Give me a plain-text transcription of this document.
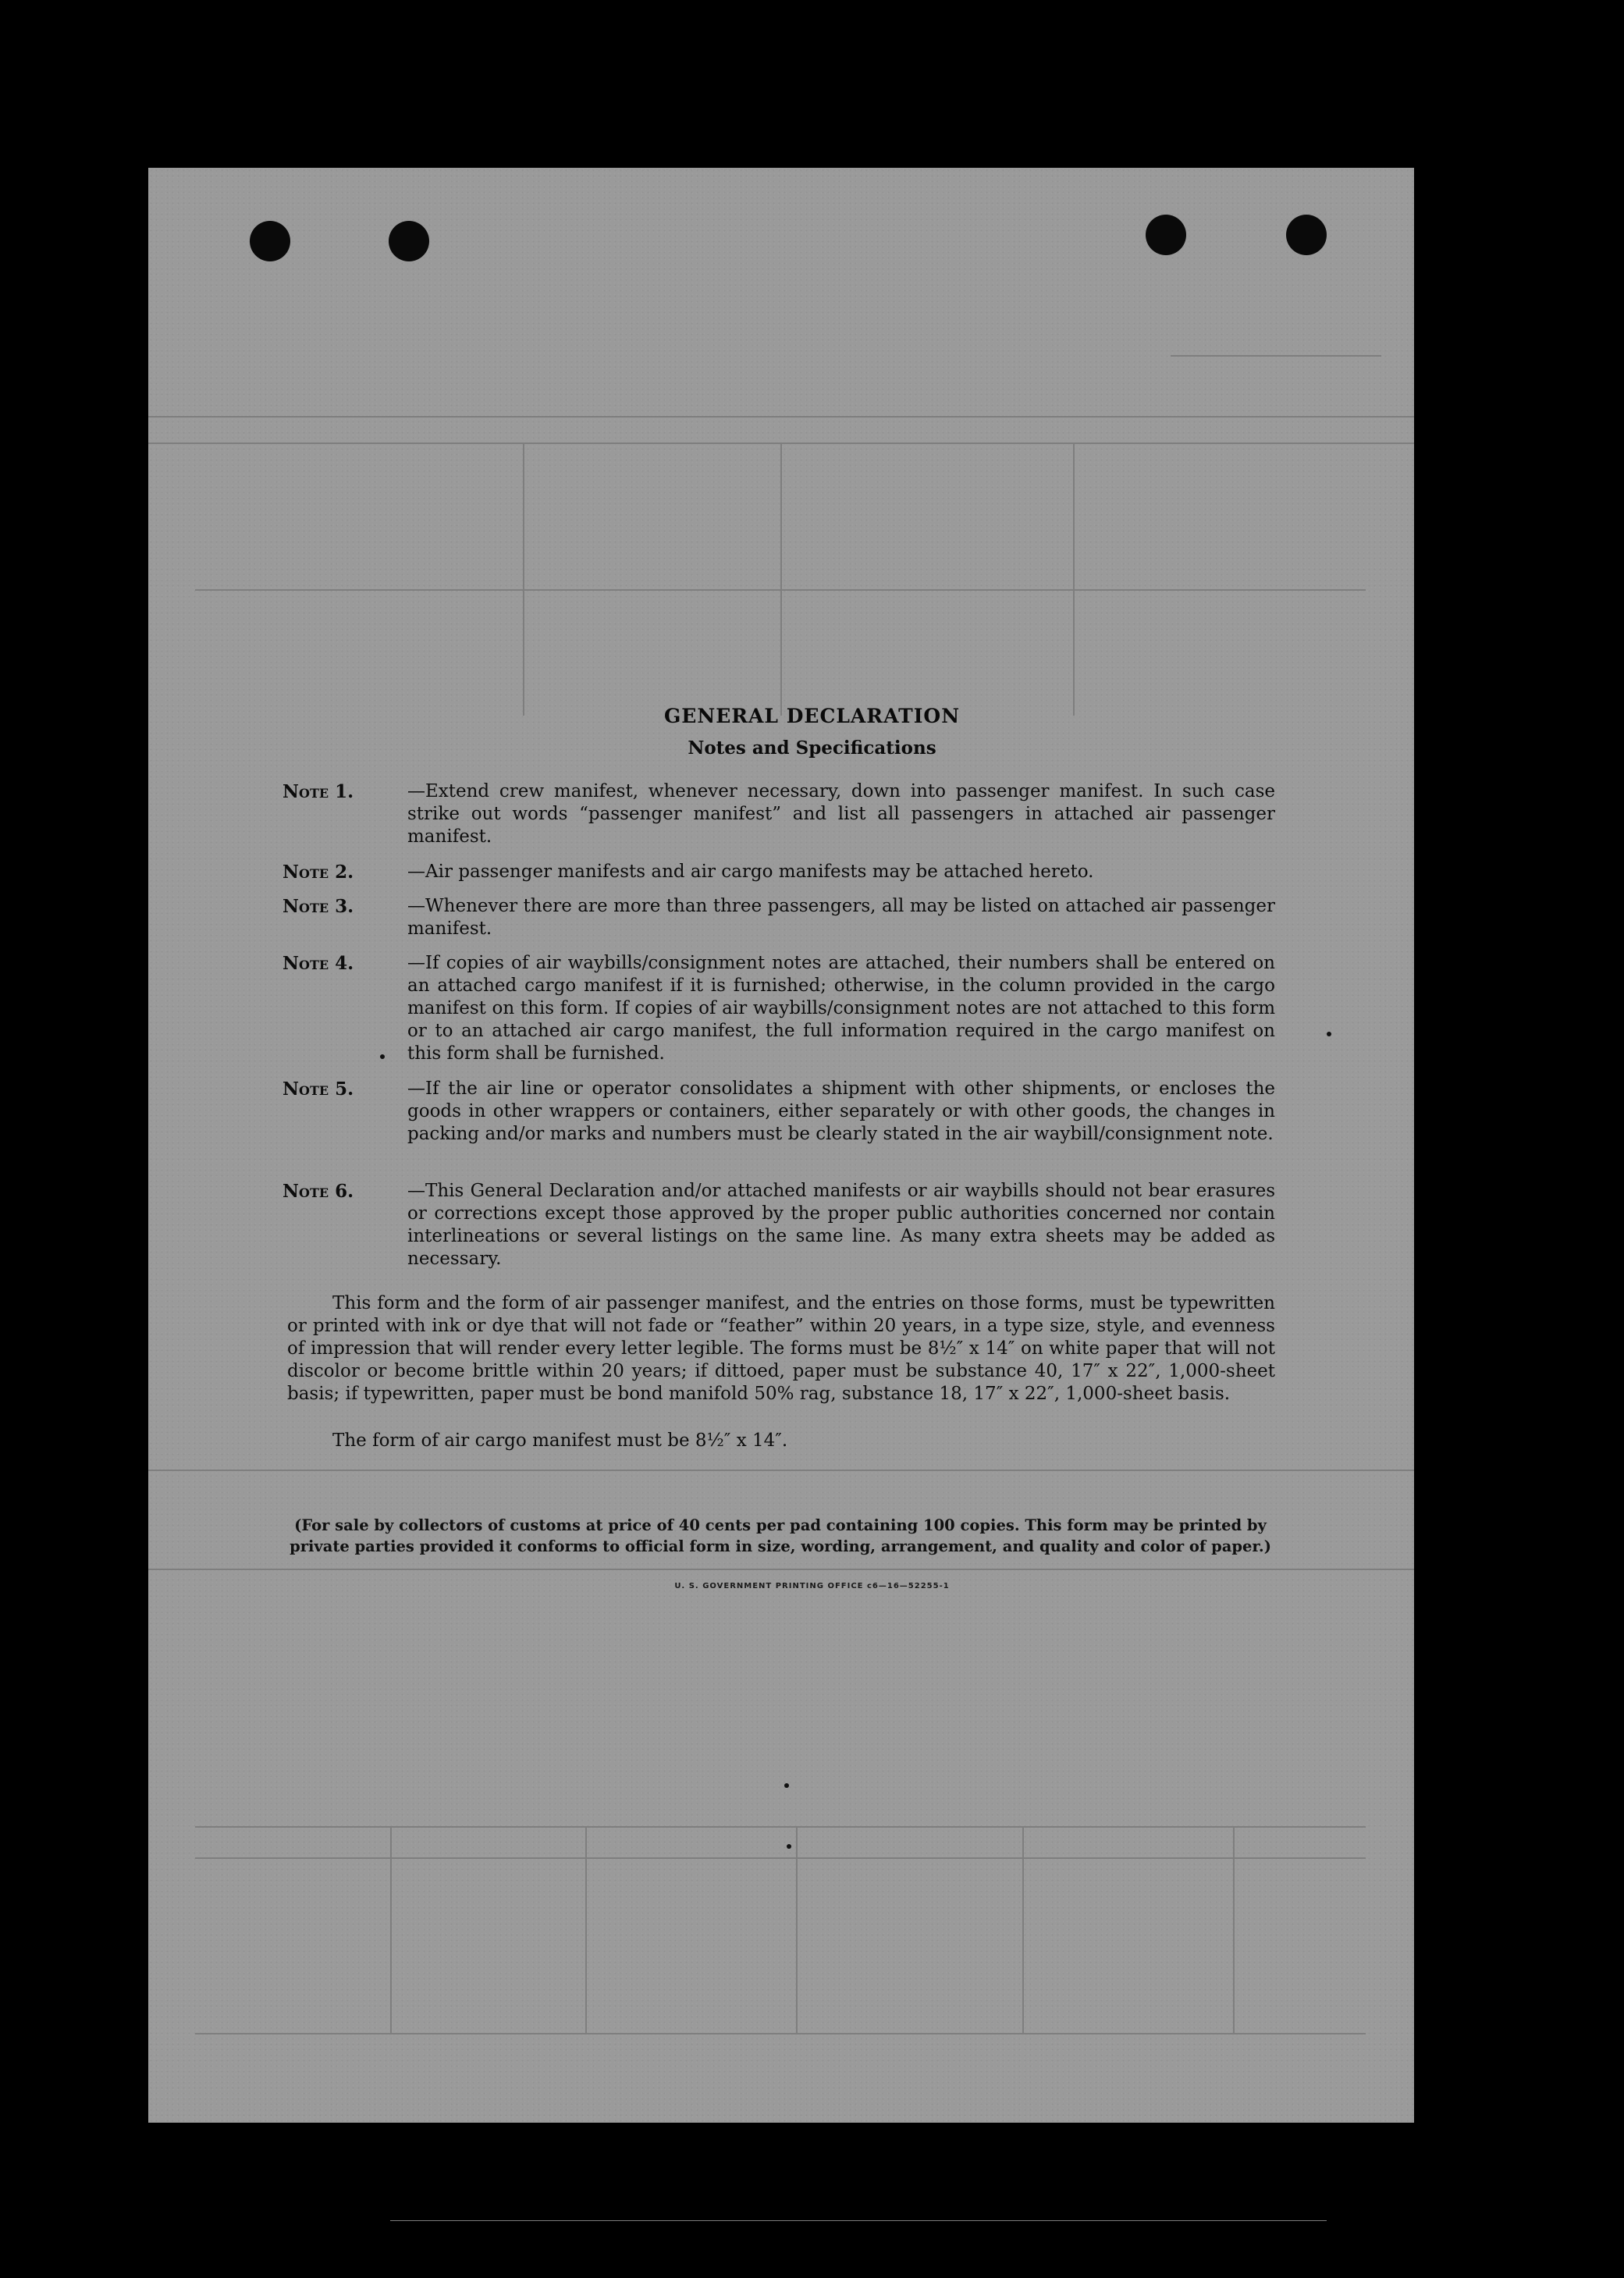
GENERAL DECLARATION
Notes and Specifications
Note 1.	—Extend crew manifest, whenever necessary, down into passenger manifest. In such case strike out words “passenger manifest” and list all passengers in attached air passenger manifest.
Note 2.	—Air passenger manifests and air cargo manifests may be attached hereto.
Note 3.	—Whenever there are more than three passengers, all may be listed on attached air passenger manifest.
Note 4.	—If copies of air waybills/consignment notes are attached, their numbers shall be entered on an attached cargo manifest if it is furnished; otherwise, in the column provided in the cargo manifest on this form. If copies of air waybills/consignment notes are not attached to this form or to an attached air cargo manifest, the full information required in the cargo manifest on this form shall be furnished.
Note 5.	—If the air line or operator consolidates a shipment with other shipments, or encloses the goods in other wrappers or containers, either separately or with other goods, the changes in packing and/or marks and numbers must be clearly stated in the air waybill/consignment note.
Note 6.	—This General Declaration and/or attached manifests or air waybills should not bear erasures or corrections except those approved by the proper public authorities concerned nor contain interlineations or several listings on the same line. As many extra sheets may be added as necessary.
This form and the form of air passenger manifest, and the entries on those forms, must be typewritten or printed with ink or dye that will not fade or “feather” within 20 years, in a type size, style, and evenness of impression that will render every letter legible. The forms must be 8½″ x 14″ on white paper that will not discolor or become brittle within 20 years; if dittoed, paper must be substance 40, 17″ x 22″, 1,000-sheet basis; if typewritten, paper must be bond manifold 50% rag, substance 18, 17″ x 22″, 1,000-sheet basis.
The form of air cargo manifest must be 8½″ x 14″.
(For sale by collectors of customs at price of 40 cents per pad containing 100 copies. This form may be printed by private parties provided it conforms to official form in size, wording, arrangement, and quality and color of paper.)
U. S. GOVERNMENT PRINTING OFFICE c6—16—52255-1
